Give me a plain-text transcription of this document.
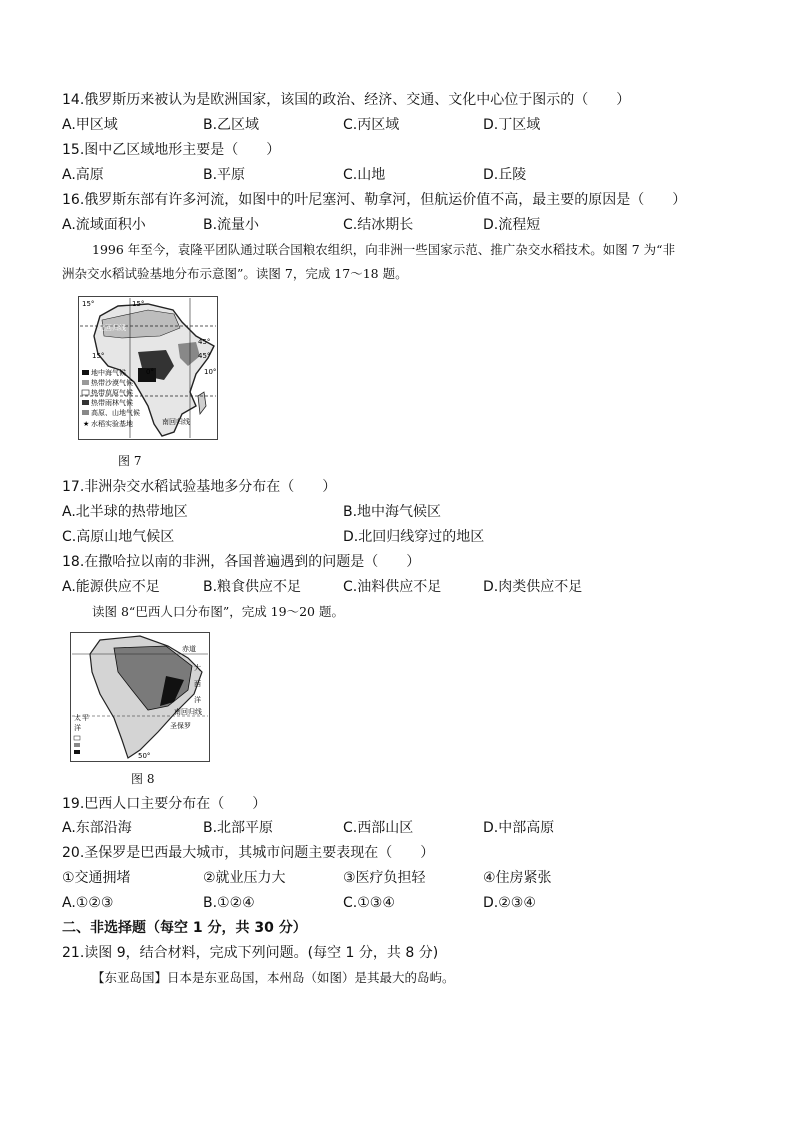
14.俄罗斯历来被认为是欧洲国家，该国的政治、经济、交通、文化中心位于图示的（　　）
A.甲区域	B.乙区域	C.丙区域	D.丁区域
15.图中乙区域地形主要是（　　）
A.高原	B.平原	C.山地	D.丘陵
16.俄罗斯东部有许多河流，如图中的叶尼塞河、勒拿河，但航运价值不高，最主要的原因是（　　）
A.流域面积小	B.流量小	C.结冰期长	D.流程短
1996 年至今，袁隆平团队通过联合国粮农组织，向非洲一些国家示范、推广杂交水稻技术。如图 7 为“非
洲杂交水稻试验基地分布示意图”。读图 7，完成 17～18 题。
15°	15°
15°
北回归线
0°
45°
45°
10°
南回归线
地中海气候
热带沙漠气候
热带草原气候
热带雨林气候
高原、山地气候
★ 水稻实验基地
图 7
17.非洲杂交水稻试验基地多分布在（　　）
A.北半球的热带地区	B.地中海气候区
C.高原山地气候区	D.北回归线穿过的地区
18.在撒哈拉以南的非洲，各国普遍遇到的问题是（　　）
A.能源供应不足	B.粮食供应不足	C.油料供应不足	D.肉类供应不足
读图 8“巴西人口分布图”，完成 19～20 题。
赤道
大
西
洋
太 平
洋
南回归线
圣保罗
50°
图 8
19.巴西人口主要分布在（　　）
A.东部沿海	B.北部平原	C.西部山区	D.中部高原
20.圣保罗是巴西最大城市，其城市问题主要表现在（　　）
①交通拥堵	②就业压力大	③医疗负担轻	④住房紧张
A.①②③	B.①②④	C.①③④	D.②③④
二、非选择题（每空 1 分，共 30 分）
21.读图 9，结合材料，完成下列问题。(每空 1 分，共 8 分)
【东亚岛国】日本是东亚岛国，本州岛（如图）是其最大的岛屿。
